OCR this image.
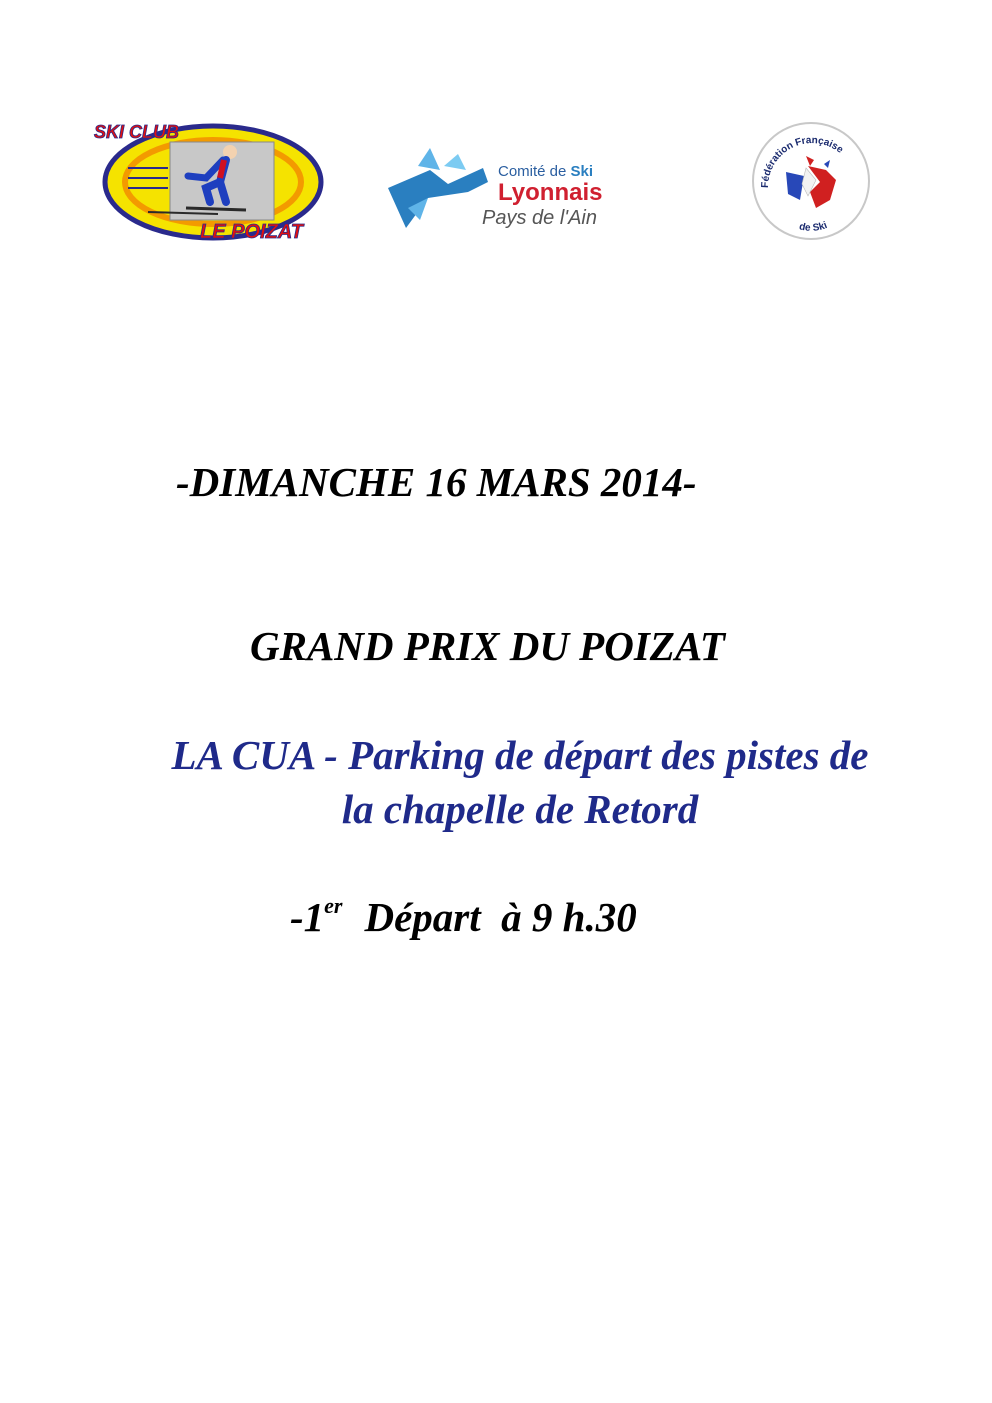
SKI CLUB
LE POIZAT
Comité de Ski
Lyonnais
Pays de l'Ain
Fédération Française
de Ski
-DIMANCHE 16 MARS 2014-
GRAND PRIX DU POIZAT
LA CUA - Parking de départ des pistes de
la chapelle de Retord
-1er Départ  à 9 h.30
